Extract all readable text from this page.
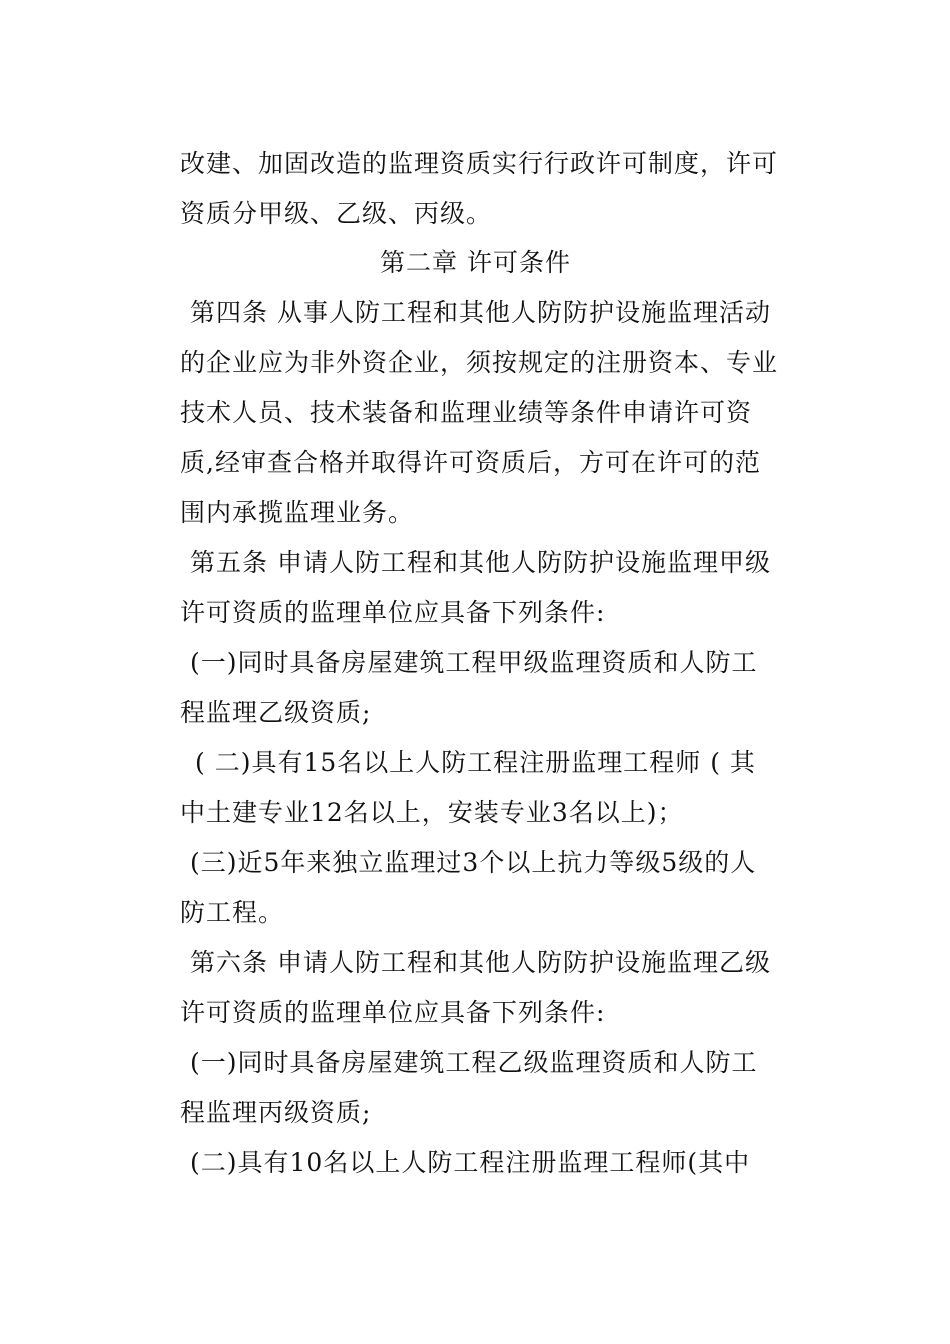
改建、加固改造的监理资质实行行政许可制度，许可
资质分甲级、乙级、丙级。
第二章 许可条件
第四条 从事人防工程和其他人防防护设施监理活动
的企业应为非外资企业，须按规定的注册资本、专业
技术人员、技术装备和监理业绩等条件申请许可资
质,经审查合格并取得许可资质后，方可在许可的范
围内承揽监理业务。
第五条 申请人防工程和其他人防防护设施监理甲级
许可资质的监理单位应具备下列条件:
(一)同时具备房屋建筑工程甲级监理资质和人防工
程监理乙级资质;
( 二)具有15名以上人防工程注册监理工程师 ( 其
中土建专业12名以上，安装专业3名以上)；
(三)近5年来独立监理过3个以上抗力等级5级的人
防工程。
第六条 申请人防工程和其他人防防护设施监理乙级
许可资质的监理单位应具备下列条件:
(一)同时具备房屋建筑工程乙级监理资质和人防工
程监理丙级资质;
(二)具有10名以上人防工程注册监理工程师(其中
